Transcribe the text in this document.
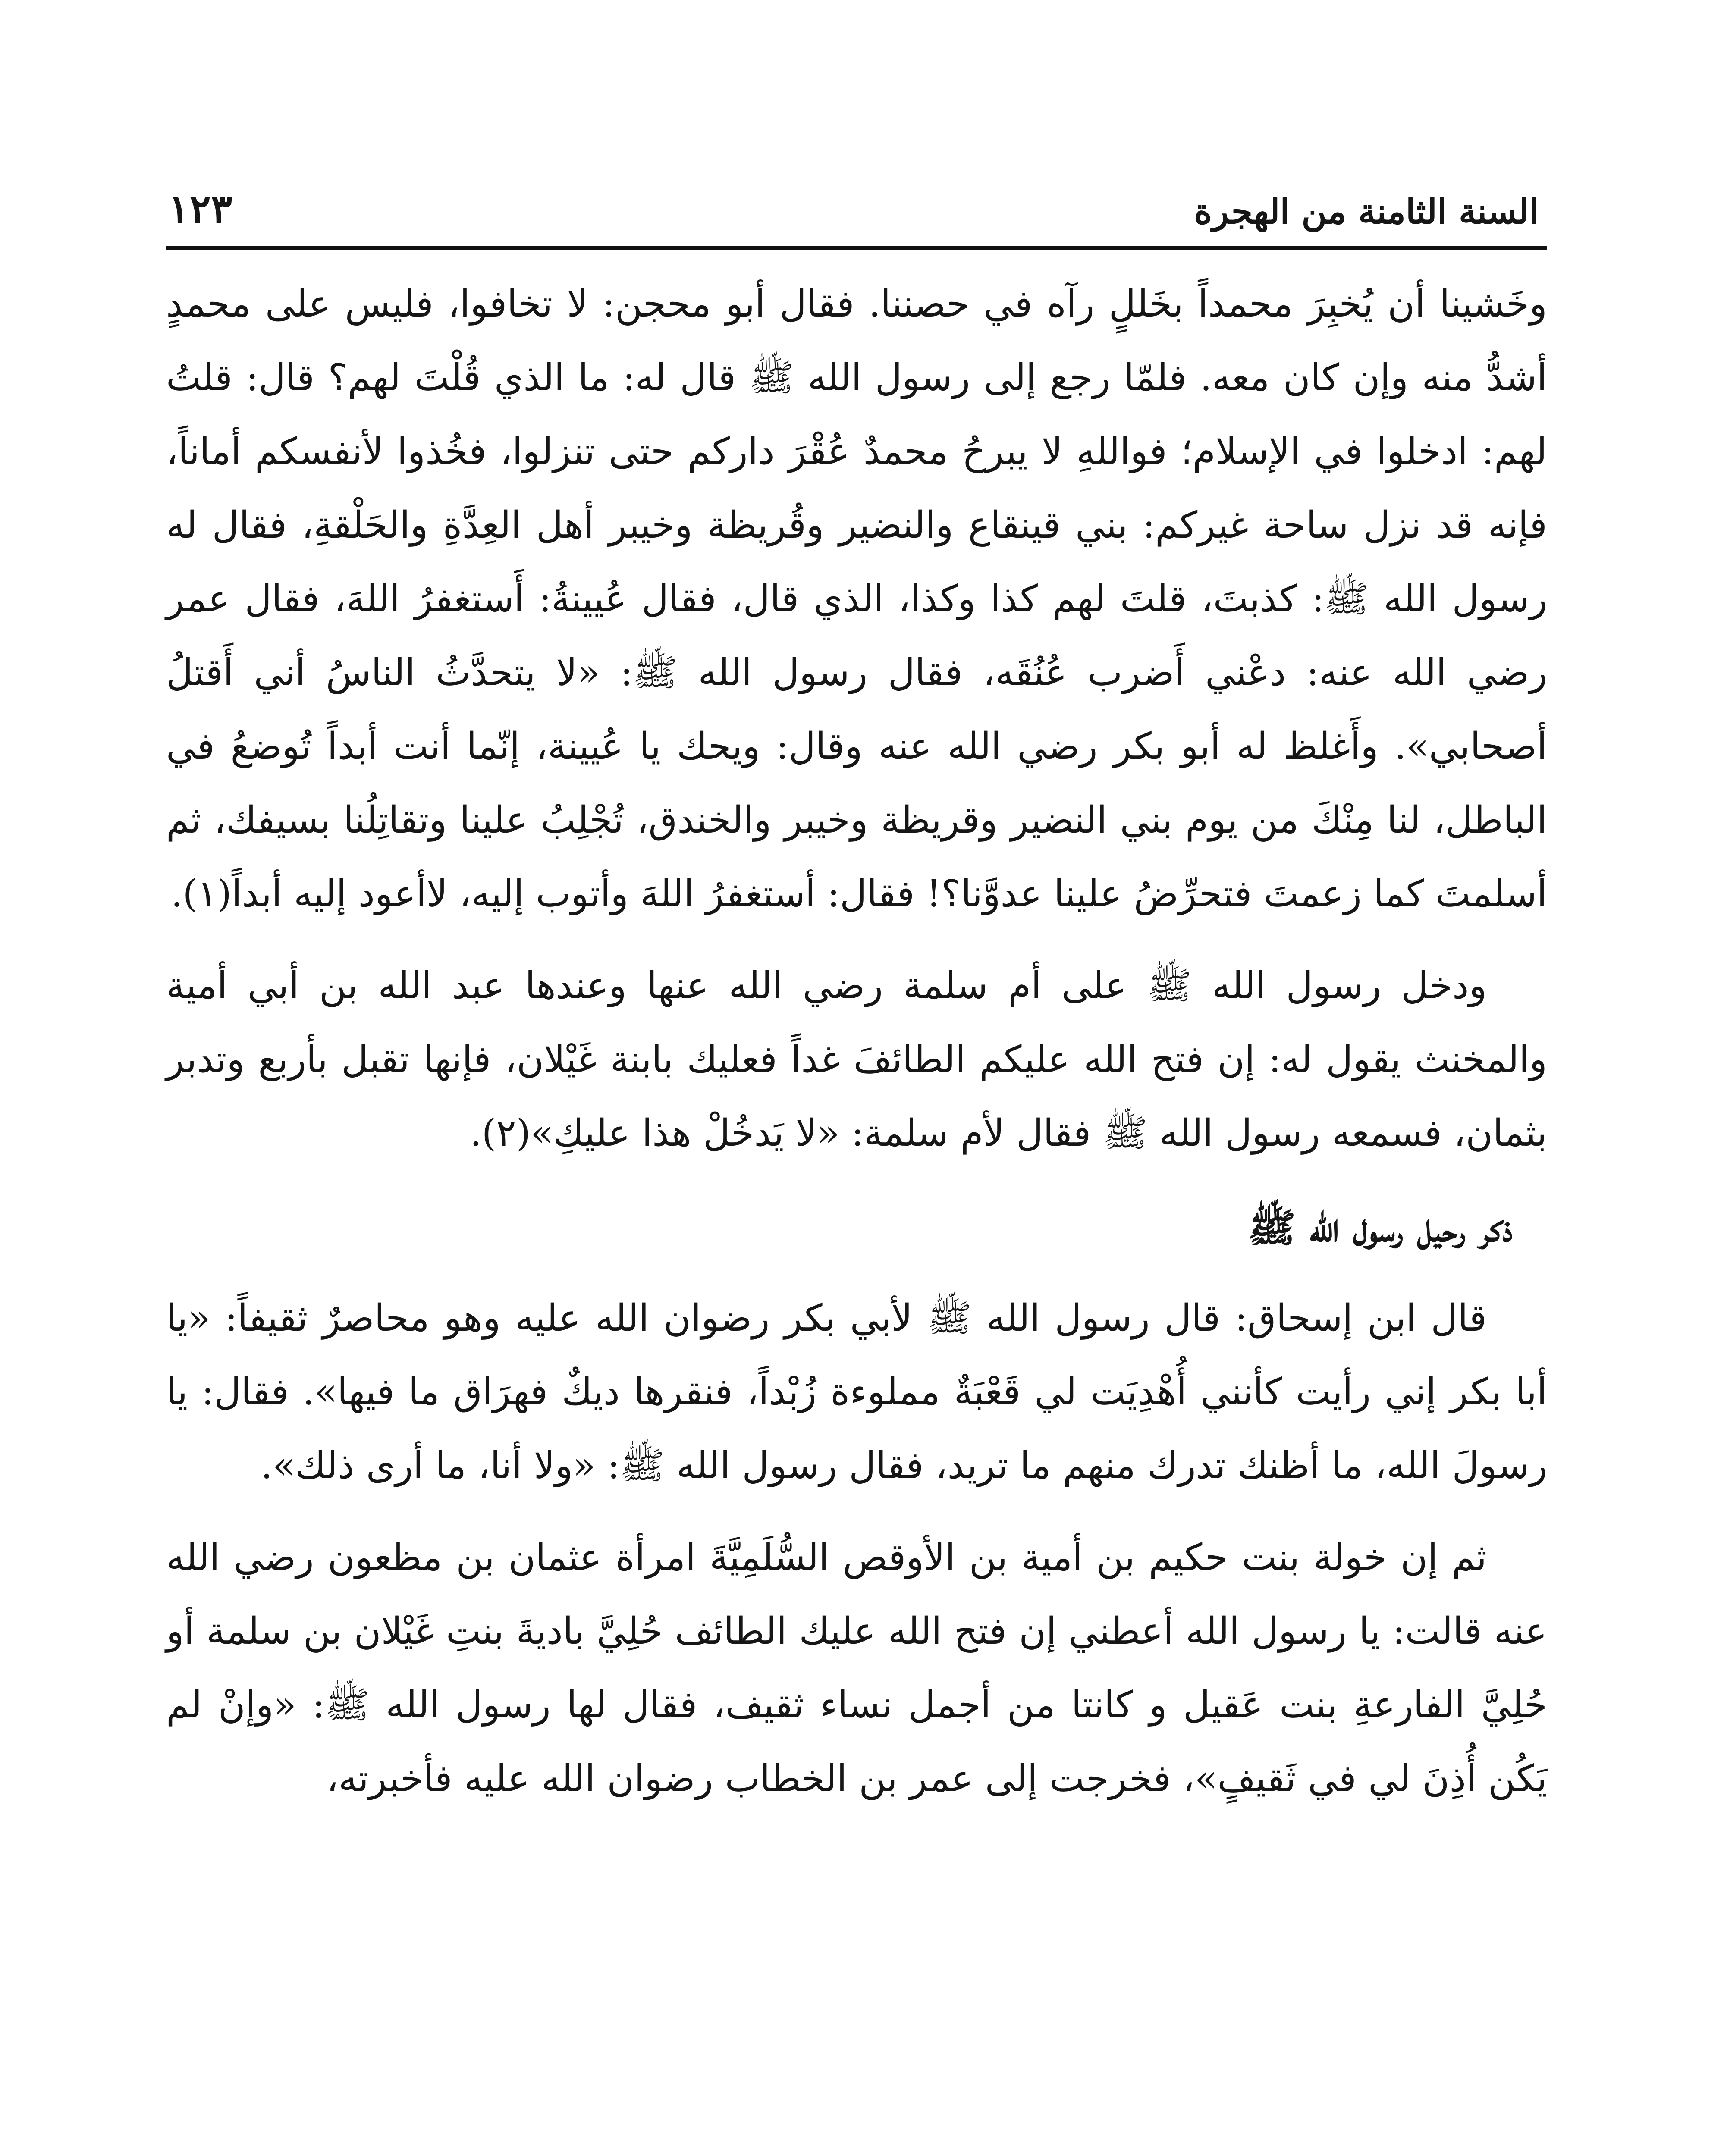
السنة الثامنة من الهجرة
١٢٣

وخَشينا أن يُخبِرَ محمداً بخَللٍ رآه في حصننا. فقال أبو محجن: لا تخافوا، فليس على محمدٍ أشدُّ منه وإن كان معه. فلمّا رجع إلى رسول الله ﷺ قال له: ما الذي قُلْتَ لهم؟ قال: قلتُ لهم: ادخلوا في الإسلام؛ فواللهِ لا يبرحُ محمدٌ عُقْرَ داركم حتى تنزلوا، فخُذوا لأنفسكم أماناً، فإنه قد نزل ساحة غيركم: بني قينقاع والنضير وقُريظة وخيبر أهل العِدَّةِ والحَلْقةِ، فقال له رسول الله ﷺ: كذبتَ، قلتَ لهم كذا وكذا، الذي قال، فقال عُيينةُ: أَستغفرُ اللهَ، فقال عمر رضي الله عنه: دعْني أَضرب عُنُقَه، فقال رسول الله ﷺ: «لا يتحدَّثُ الناسُ أني أَقتلُ أصحابي». وأَغلظ له أبو بكر رضي الله عنه وقال: ويحك يا عُيينة، إنّما أنت أبداً تُوضعُ في الباطل، لنا مِنْكَ من يوم بني النضير وقريظة وخيبر والخندق، تُجْلِبُ علينا وتقاتِلُنا بسيفك، ثم أسلمتَ كما زعمتَ فتحرِّضُ علينا عدوَّنا؟! فقال: أستغفرُ اللهَ وأتوب إليه، لاأعود إليه أبداً(١).

ودخل رسول الله ﷺ على أم سلمة رضي الله عنها وعندها عبد الله بن أبي أمية والمخنث يقول له: إن فتح الله عليكم الطائفَ غداً فعليك بابنة غَيْلان، فإنها تقبل بأربع وتدبر بثمان، فسمعه رسول الله ﷺ فقال لأم سلمة: «لا يَدخُلْ هذا عليكِ»(٢).

ذكر رحيل رسول الله ﷺ

قال ابن إسحاق: قال رسول الله ﷺ لأبي بكر رضوان الله عليه وهو محاصرٌ ثقيفاً: «يا أبا بكر إني رأيت كأنني أُهْدِيَت لي قَعْبَةٌ مملوءة زُبْداً، فنقرها ديكٌ فهرَاق ما فيها». فقال: يا رسولَ الله، ما أظنك تدرك منهم ما تريد، فقال رسول الله ﷺ: «ولا أنا، ما أرى ذلك».

ثم إن خولة بنت حكيم بن أمية بن الأوقص السُّلَمِيَّةَ امرأة عثمان بن مظعون رضي الله عنه قالت: يا رسول الله أعطني إن فتح الله عليك الطائف حُلِيَّ باديةَ بنتِ غَيْلان بن سلمة أو حُلِيَّ الفارعةِ بنت عَقيل و كانتا من أجمل نساء ثقيف، فقال لها رسول الله ﷺ: «وإنْ لم يَكُن أُذِنَ لي في ثَقيفٍ»، فخرجت إلى عمر بن الخطاب رضوان الله عليه فأخبرته،
